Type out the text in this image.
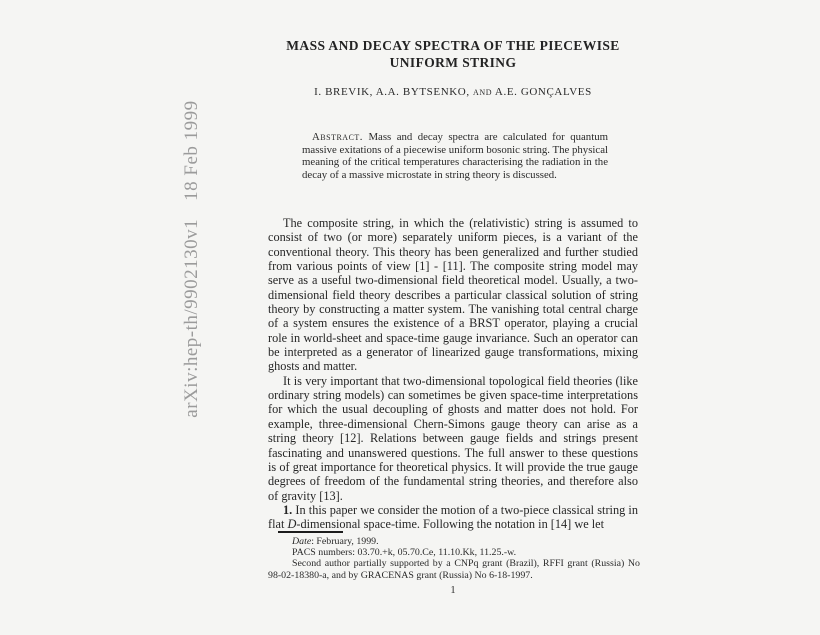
arXiv:hep-th/9902130v1
18 Feb 1999
MASS AND DECAY SPECTRA OF THE PIECEWISE
UNIFORM STRING
I. BREVIK, A.A. BYTSENKO, and A.E. GONÇALVES
Abstract. Mass and decay spectra are calculated for quantum massive exitations of a piecewise uniform bosonic string. The physical meaning of the critical temperatures characterising the radiation in the decay of a massive microstate in string theory is discussed.
The composite string, in which the (relativistic) string is assumed to consist of two (or more) separately uniform pieces, is a variant of the conventional theory. This theory has been generalized and further studied from various points of view [1] - [11]. The composite string model may serve as a useful two-dimensional field theoretical model. Usually, a two-dimensional field theory describes a particular classical solution of string theory by constructing a matter system. The vanishing total central charge of a system ensures the existence of a BRST operator, playing a crucial role in world-sheet and space-time gauge invariance. Such an operator can be interpreted as a generator of linearized gauge transformations, mixing ghosts and matter.
It is very important that two-dimensional topological field theories (like ordinary string models) can sometimes be given space-time interpretations for which the usual decoupling of ghosts and matter does not hold. For example, three-dimensional Chern-Simons gauge theory can arise as a string theory [12]. Relations between gauge fields and strings present fascinating and unanswered questions. The full answer to these questions is of great importance for theoretical physics. It will provide the true gauge degrees of freedom of the fundamental string theories, and therefore also of gravity [13].
1. In this paper we consider the motion of a two-piece classical string in flat D-dimensional space-time. Following the notation in [14] we let
Date: February, 1999.
PACS numbers: 03.70.+k, 05.70.Ce, 11.10.Kk, 11.25.-w.
Second author partially supported by a CNPq grant (Brazil), RFFI grant (Russia) No 98-02-18380-a, and by GRACENAS grant (Russia) No 6-18-1997.
1
